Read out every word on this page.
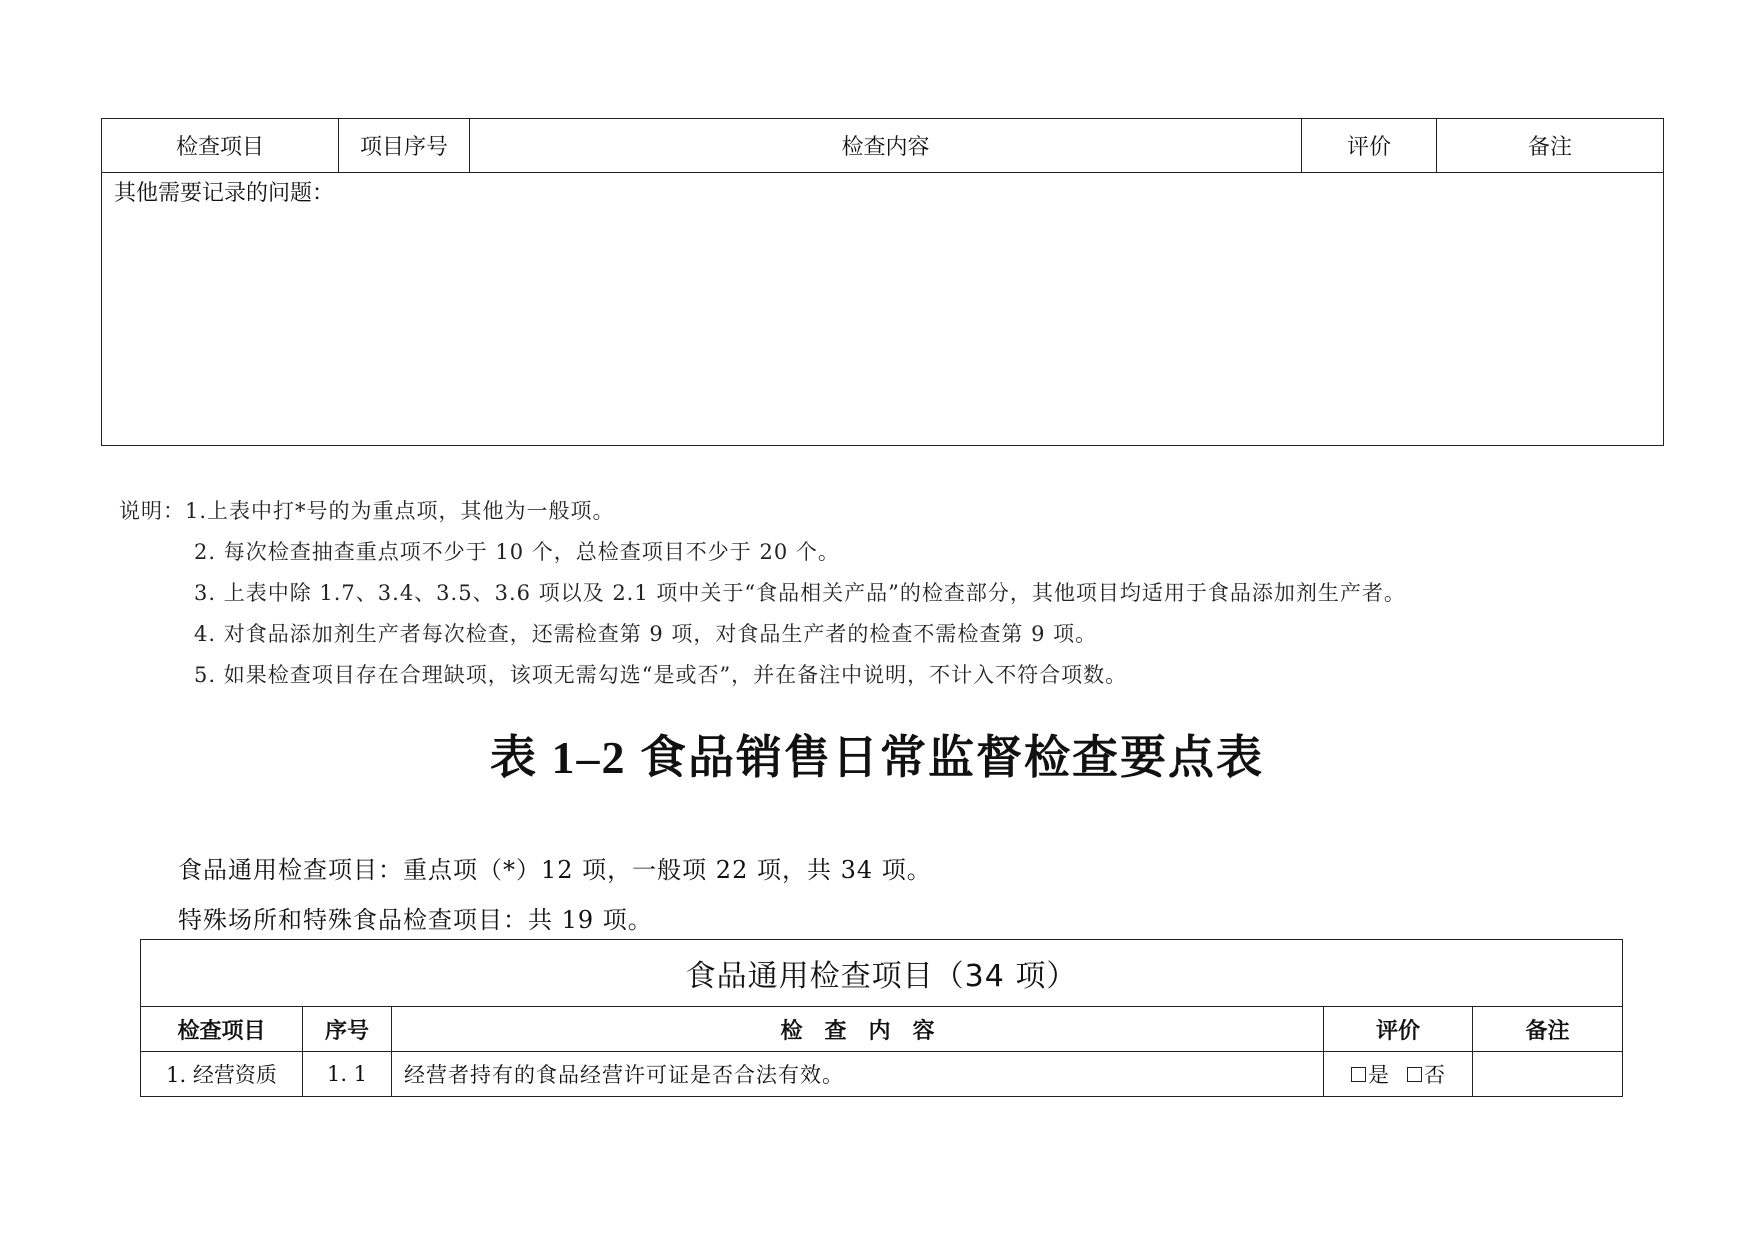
检查项目	项目序号	检查内容	评价	备注
其他需要记录的问题：
说明：1.上表中打*号的为重点项，其他为一般项。
2. 每次检查抽查重点项不少于 10 个，总检查项目不少于 20 个。
3. 上表中除 1.7、3.4、3.5、3.6 项以及 2.1 项中关于“食品相关产品”的检查部分，其他项目均适用于食品添加剂生产者。
4. 对食品添加剂生产者每次检查，还需检查第 9 项，对食品生产者的检查不需检查第 9 项。
5. 如果检查项目存在合理缺项，该项无需勾选“是或否”，并在备注中说明，不计入不符合项数。
表 1–2 食品销售日常监督检查要点表
食品通用检查项目：重点项（*）12 项，一般项 22 项，共 34 项。
特殊场所和特殊食品检查项目：共 19 项。
食品通用检查项目（34 项）
检查项目	序号	检　查　内　容	评价	备注
1. 经营资质	1. 1	经营者持有的食品经营许可证是否合法有效。	是 否
